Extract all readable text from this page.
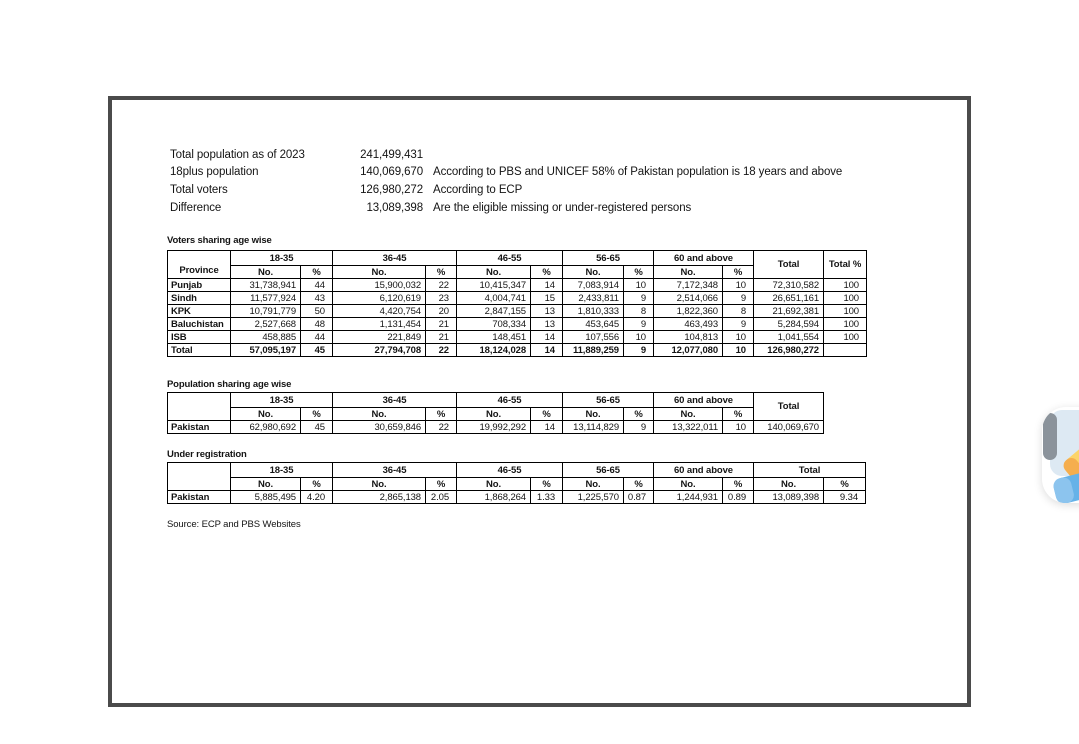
Total population as of 2023	241,499,431
18plus population	140,069,670 According to PBS and UNICEF 58% of Pakistan population is 18 years and above
Total voters	126,980,272 According to ECP
Difference	13,089,398 Are the eligible missing or under-registered persons
Voters sharing age wise
Province	18-35		36-45		46-55		56-65		60 and above		Total	Total %
	No.	%	No.	%	No.	%	No.	%	No.	%		
Punjab	31,738,941	44	15,900,032	22	10,415,347	14	7,083,914	10	7,172,348	10	72,310,582	100
Sindh	11,577,924	43	6,120,619	23	4,004,741	15	2,433,811	9	2,514,066	9	26,651,161	100
KPK	10,791,779	50	4,420,754	20	2,847,155	13	1,810,333	8	1,822,360	8	21,692,381	100
Baluchistan	2,527,668	48	1,131,454	21	708,334	13	453,645	9	463,493	9	5,284,594	100
ISB	458,885	44	221,849	21	148,451	14	107,556	10	104,813	10	1,041,554	100
Total	57,095,197	45	27,794,708	22	18,124,028	14	11,889,259	9	12,077,080	10	126,980,272	
Population sharing age wise
	18-35		36-45		46-55		56-65		60 and above		Total
	No.	%	No.	%	No.	%	No.	%	No.	%	
Pakistan	62,980,692	45	30,659,846	22	19,992,292	14	13,114,829	9	13,322,011	10	140,069,670
Under registration
	18-35		36-45		46-55		56-65		60 and above		Total	
	No.	%	No.	%	No.	%	No.	%	No.	%	No.	%
Pakistan	5,885,495	4.20	2,865,138	2.05	1,868,264	1.33	1,225,570	0.87	1,244,931	0.89	13,089,398	9.34
Source: ECP and PBS Websites
